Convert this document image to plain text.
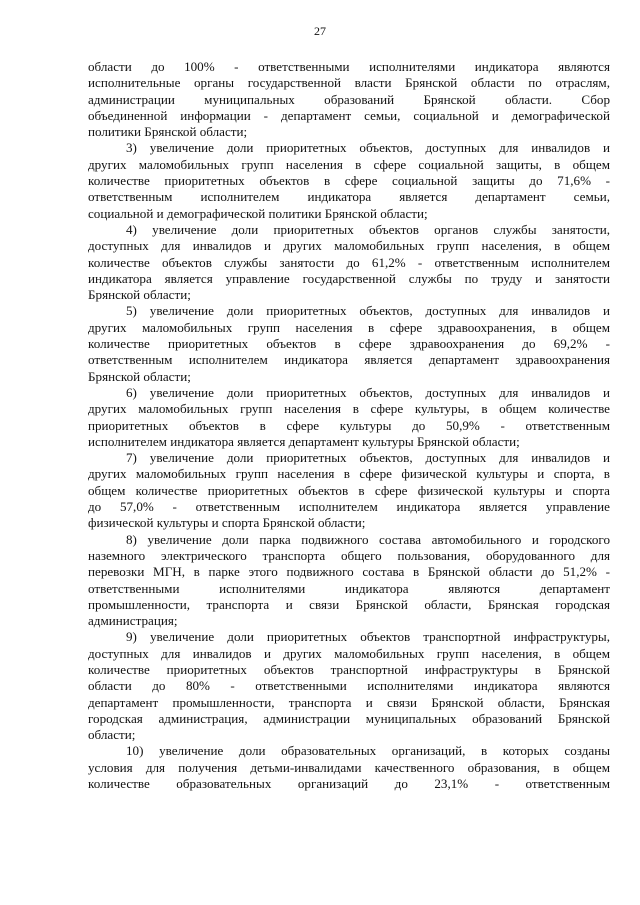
27
области до 100% - ответственными исполнителями индикатора являются
исполнительные органы государственной власти Брянской области по отраслям,
администрации муниципальных образований Брянской области. Сбор
объединенной информации - департамент семьи, социальной и демографической
политики Брянской области;
3) увеличение доли приоритетных объектов, доступных для инвалидов и
других маломобильных групп населения в сфере социальной защиты, в общем
количестве приоритетных объектов в сфере социальной защиты до 71,6% -
ответственным исполнителем индикатора является департамент семьи,
социальной и демографической политики Брянской области;
4) увеличение доли приоритетных объектов органов службы занятости,
доступных для инвалидов и других маломобильных групп населения, в общем
количестве объектов службы занятости до 61,2% - ответственным исполнителем
индикатора является управление государственной службы по труду и занятости
Брянской области;
5) увеличение доли приоритетных объектов, доступных для инвалидов и
других маломобильных групп населения в сфере здравоохранения, в общем
количестве приоритетных объектов в сфере здравоохранения до 69,2% -
ответственным исполнителем индикатора является департамент здравоохранения
Брянской области;
6) увеличение доли приоритетных объектов, доступных для инвалидов и
других маломобильных групп населения в сфере культуры, в общем количестве
приоритетных объектов в сфере культуры до 50,9% - ответственным
исполнителем индикатора является департамент культуры Брянской области;
7) увеличение доли приоритетных объектов, доступных для инвалидов и
других маломобильных групп населения в сфере физической культуры и спорта, в
общем количестве приоритетных объектов в сфере физической культуры и спорта
до 57,0% - ответственным исполнителем индикатора является управление
физической культуры и спорта Брянской области;
8) увеличение доли парка подвижного состава автомобильного и городского
наземного электрического транспорта общего пользования, оборудованного для
перевозки МГН, в парке этого подвижного состава в Брянской области до 51,2% -
ответственными исполнителями индикатора являются департамент
промышленности, транспорта и связи Брянской области, Брянская городская
администрация;
9) увеличение доли приоритетных объектов транспортной инфраструктуры,
доступных для инвалидов и других маломобильных групп населения, в общем
количестве приоритетных объектов транспортной инфраструктуры в Брянской
области до 80% - ответственными исполнителями индикатора являются
департамент промышленности, транспорта и связи Брянской области, Брянская
городская администрация, администрации муниципальных образований Брянской
области;
10) увеличение доли образовательных организаций, в которых созданы
условия для получения детьми-инвалидами качественного образования, в общем
количестве образовательных организаций до 23,1% - ответственным
